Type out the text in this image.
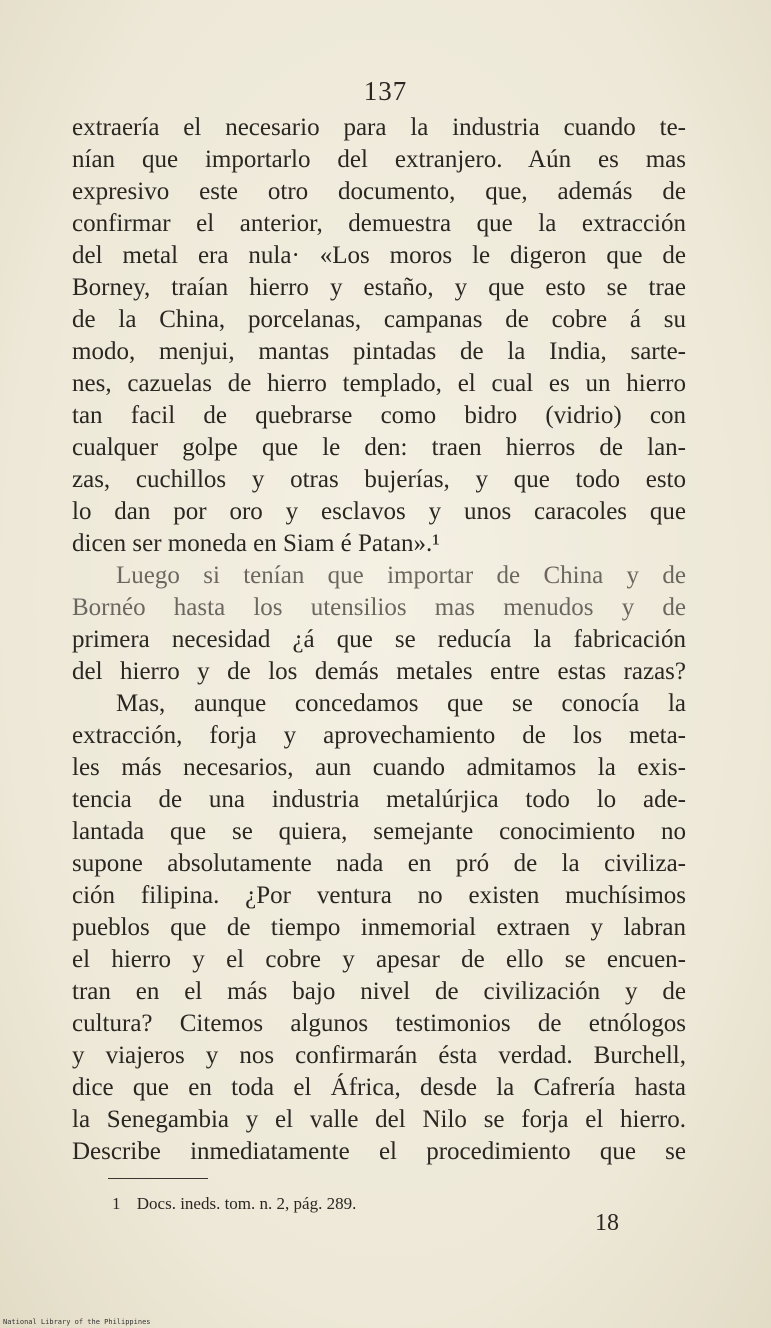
137
extraería el necesario para la industria cuando te-
nían que importarlo del extranjero. Aún es mas
expresivo este otro documento, que, además de
confirmar el anterior, demuestra que la extracción
del metal era nula· «Los moros le digeron que de
Borney, traían hierro y estaño, y que esto se trae
de la China, porcelanas, campanas de cobre á su
modo, menjui, mantas pintadas de la India, sarte-
nes, cazuelas de hierro templado, el cual es un hierro
tan facil de quebrarse como bidro (vidrio) con
cualquer golpe que le den: traen hierros de lan-
zas, cuchillos y otras bujerías, y que todo esto
lo dan por oro y esclavos y unos caracoles que
dicen ser moneda en Siam é Patan».¹
Luego si tenían que importar de China y de
Bornéo hasta los utensilios mas menudos y de
primera necesidad ¿á que se reducía la fabricación
del hierro y de los demás metales entre estas razas?
Mas, aunque concedamos que se conocía la
extracción, forja y aprovechamiento de los meta-
les más necesarios, aun cuando admitamos la exis-
tencia de una industria metalúrjica todo lo ade-
lantada que se quiera, semejante conocimiento no
supone absolutamente nada en pró de la civiliza-
ción filipina. ¿Por ventura no existen muchísimos
pueblos que de tiempo inmemorial extraen y labran
el hierro y el cobre y apesar de ello se encuen-
tran en el más bajo nivel de civilización y de
cultura? Citemos algunos testimonios de etnólogos
y viajeros y nos confirmarán ésta verdad. Burchell,
dice que en toda el África, desde la Cafrería hasta
la Senegambia y el valle del Nilo se forja el hierro.
Describe inmediatamente el procedimiento que se
1 Docs. ineds. tom. n. 2, pág. 289.
18
National Library of the Philippines
